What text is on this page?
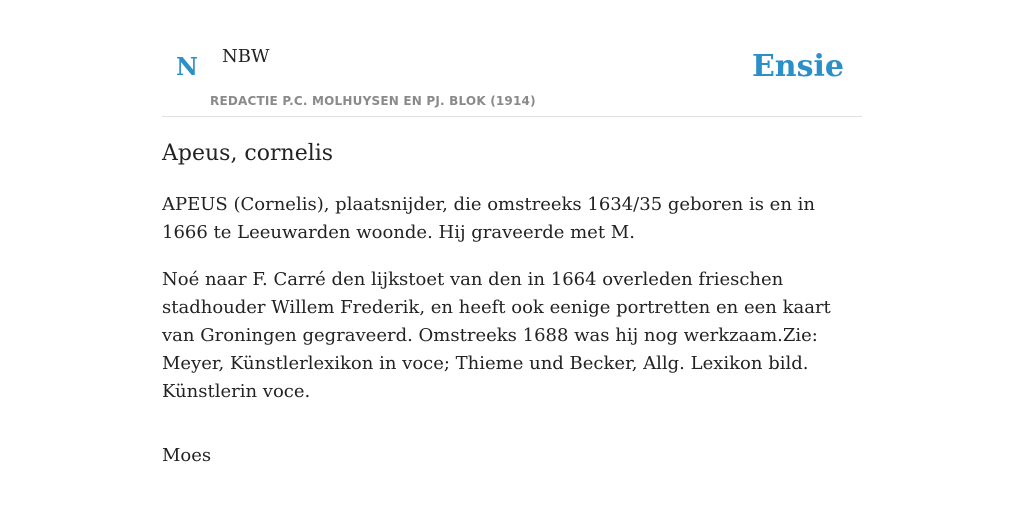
N NBW
REDACTIE P.C. MOLHUYSEN EN PJ. BLOK (1914)
Ensie
Apeus, cornelis

APEUS (Cornelis), plaatsnijder, die omstreeks 1634/35 geboren is en in 1666 te Leeuwarden woonde. Hij graveerde met M.

Noé naar F. Carré den lijkstoet van den in 1664 overleden frieschen stadhouder Willem Frederik, en heeft ook eenige portretten en een kaart van Groningen gegraveerd. Omstreeks 1688 was hij nog werkzaam.Zie: Meyer, Künstlerlexikon in voce; Thieme und Becker, Allg. Lexikon bild. Künstlerin voce.

Moes
